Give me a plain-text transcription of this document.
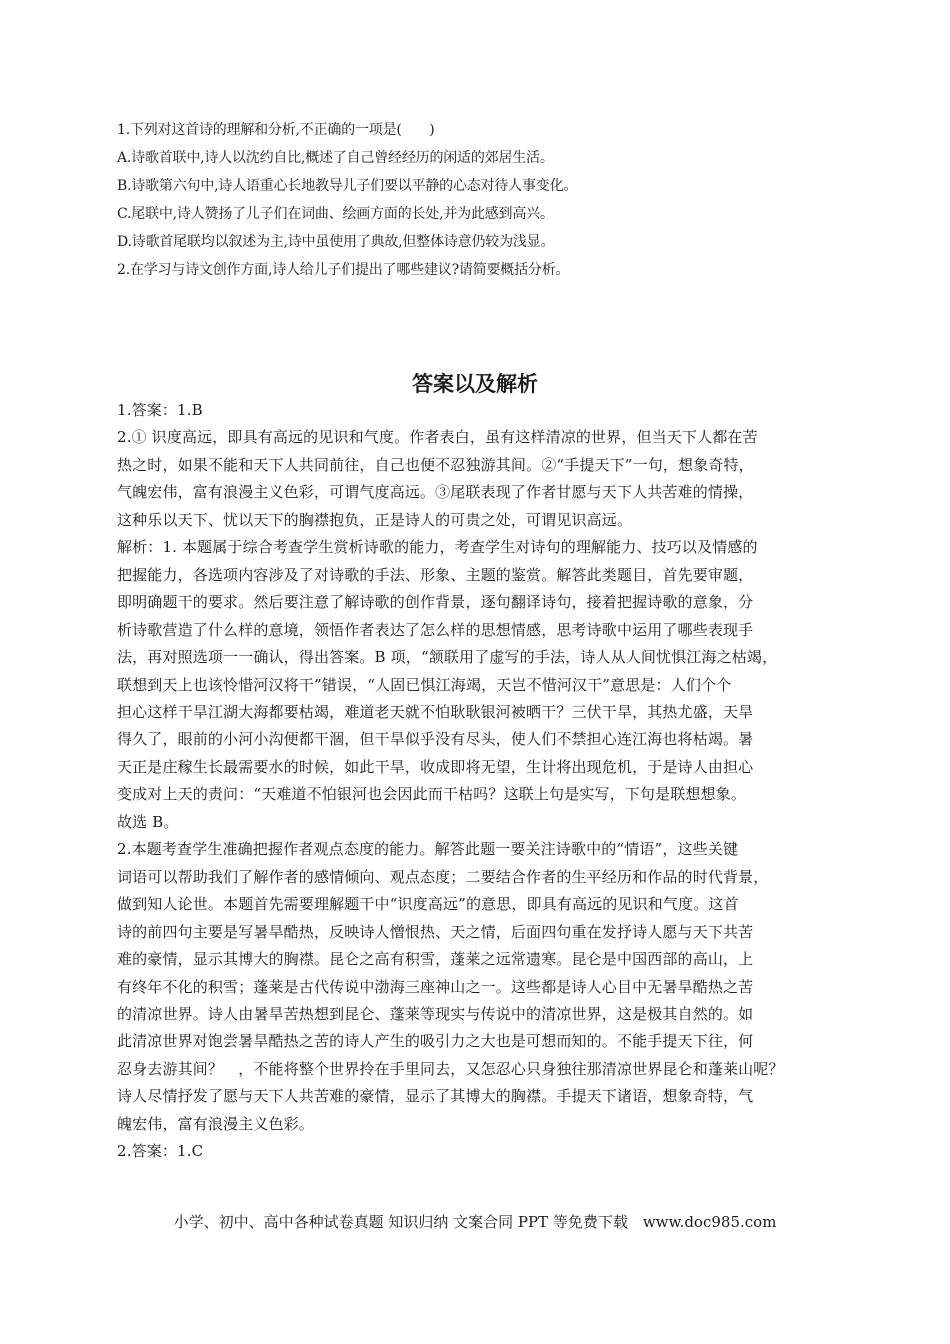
1.下列对这首诗的理解和分析,不正确的一项是(　　)
A.诗歌首联中,诗人以沈约自比,概述了自己曾经经历的闲适的郊居生活。
B.诗歌第六句中,诗人语重心长地教导儿子们要以平静的心态对待人事变化。
C.尾联中,诗人赞扬了儿子们在词曲、绘画方面的长处,并为此感到高兴。
D.诗歌首尾联均以叙述为主,诗中虽使用了典故,但整体诗意仍较为浅显。
2.在学习与诗文创作方面,诗人给儿子们提出了哪些建议?请简要概括分析。
答案以及解析
1.答案：1.B
2.① 识度高远，即具有高远的见识和气度。作者表白，虽有这样清凉的世界，但当天下人都在苦
热之时，如果不能和天下人共同前往，自己也便不忍独游其间。②“手提天下”一句，想象奇特，
气魄宏伟，富有浪漫主义色彩，可谓气度高远。③尾联表现了作者甘愿与天下人共苦难的情操，
这种乐以天下、忧以天下的胸襟抱负，正是诗人的可贵之处，可谓见识高远。
解析：1. 本题属于综合考查学生赏析诗歌的能力，考查学生对诗句的理解能力、技巧以及情感的
把握能力，各选项内容涉及了对诗歌的手法、形象、主题的鉴赏。解答此类题目，首先要审题，
即明确题干的要求。然后要注意了解诗歌的创作背景，逐句翻译诗句，接着把握诗歌的意象，分
析诗歌营造了什么样的意境，领悟作者表达了怎么样的思想情感，思考诗歌中运用了哪些表现手
法，再对照选项一一确认，得出答案。B 项，“颔联用了虚写的手法，诗人从人间忧惧江海之枯竭，
联想到天上也该怜惜河汉将干”错误，“人固已惧江海竭，天岂不惜河汉干”意思是：人们个个
担心这样干旱江湖大海都要枯竭，难道老天就不怕耿耿银河被晒干？三伏干旱，其热尤盛，天旱
得久了，眼前的小河小沟便都干涸，但干旱似乎没有尽头，使人们不禁担心连江海也将枯竭。暑
天正是庄稼生长最需要水的时候，如此干旱，收成即将无望，生计将出现危机，于是诗人由担心
变成对上天的责问：“天难道不怕银河也会因此而干枯吗？这联上句是实写，下句是联想想象。
故选 B。
2.本题考查学生准确把握作者观点态度的能力。解答此题一要关注诗歌中的“情语”，这些关键
词语可以帮助我们了解作者的感情倾向、观点态度；二要结合作者的生平经历和作品的时代背景，
做到知人论世。本题首先需要理解题干中“识度高远”的意思，即具有高远的见识和气度。这首
诗的前四句主要是写暑旱酷热，反映诗人憎恨热、天之情，后面四句重在发抒诗人愿与天下共苦
难的豪情，显示其博大的胸襟。昆仑之高有积雪，蓬莱之远常遗寒。昆仑是中国西部的高山，上
有终年不化的积雪；蓬莱是古代传说中渤海三座神山之一。这些都是诗人心目中无暑旱酷热之苦
的清凉世界。诗人由暑旱苦热想到昆仑、蓬莱等现实与传说中的清凉世界，这是极其自然的。如
此清凉世界对饱尝暑旱酷热之苦的诗人产生的吸引力之大也是可想而知的。不能手提天下往，何
忍身去游其间？　，不能将整个世界拎在手里同去，又怎忍心只身独往那清凉世界昆仑和蓬莱山呢？
诗人尽情抒发了愿与天下人共苦难的豪情，显示了其博大的胸襟。手提天下诸语，想象奇特，气
魄宏伟，富有浪漫主义色彩。
2.答案：1.C
小学、初中、高中各种试卷真题 知识归纳 文案合同 PPT 等免费下载　www.doc985.com
